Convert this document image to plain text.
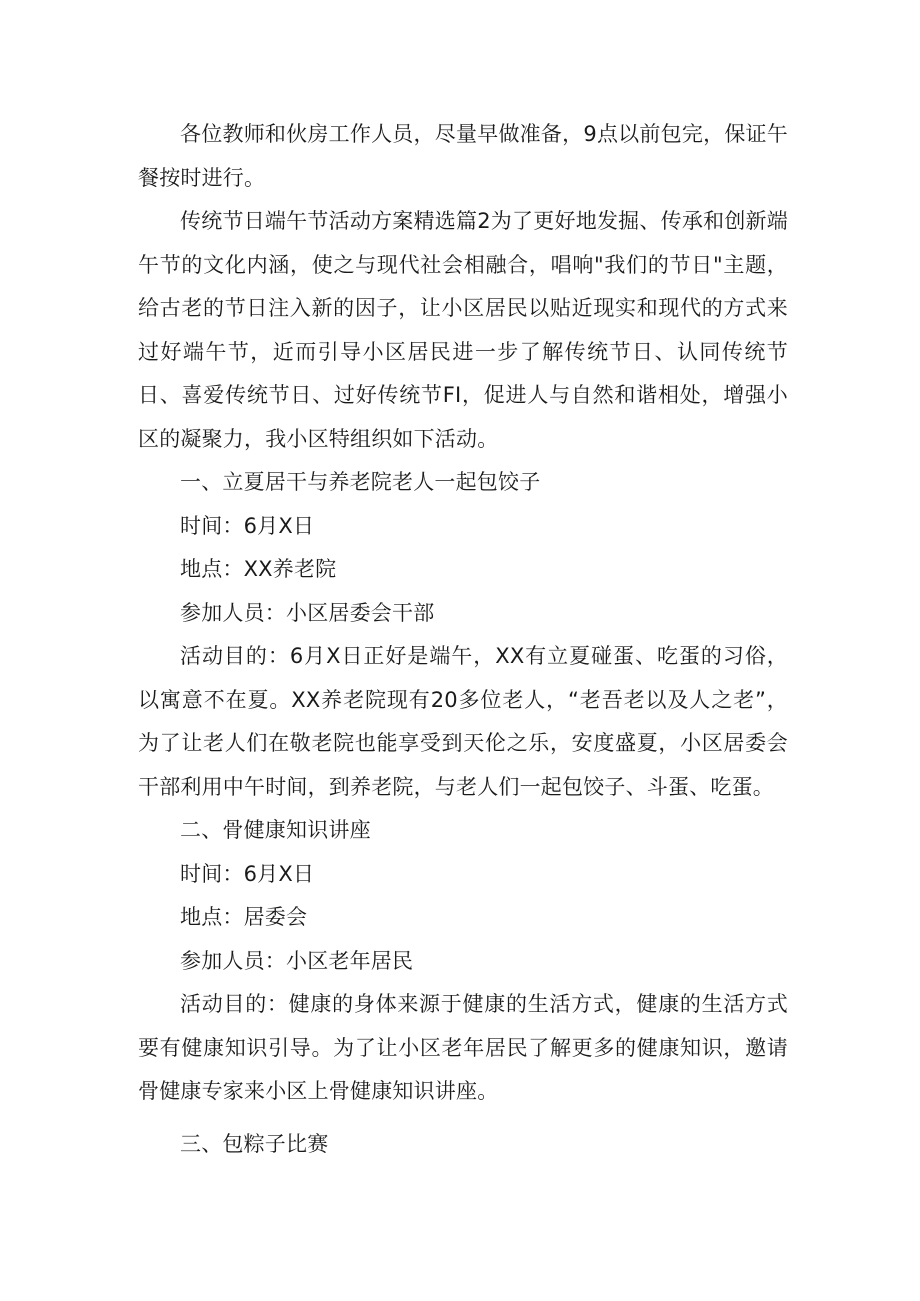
各位教师和伙房工作人员，尽量早做准备，9点以前包完，保证午餐按时进行。

传统节日端午节活动方案精选篇2为了更好地发掘、传承和创新端午节的文化内涵，使之与现代社会相融合，唱响"我们的节日"主题，给古老的节日注入新的因子，让小区居民以贴近现实和现代的方式来过好端午节，近而引导小区居民进一步了解传统节日、认同传统节日、喜爱传统节日、过好传统节FI，促进人与自然和谐相处，增强小区的凝聚力，我小区特组织如下活动。

一、立夏居干与养老院老人一起包饺子

时间：6月X日

地点：XX养老院

参加人员：小区居委会干部

活动目的：6月X日正好是端午，XX有立夏碰蛋、吃蛋的习俗，以寓意不在夏。XX养老院现有20多位老人，“老吾老以及人之老”，为了让老人们在敬老院也能享受到天伦之乐，安度盛夏，小区居委会干部利用中午时间，到养老院，与老人们一起包饺子、斗蛋、吃蛋。

二、骨健康知识讲座

时间：6月X日

地点：居委会

参加人员：小区老年居民

活动目的：健康的身体来源于健康的生活方式，健康的生活方式要有健康知识引导。为了让小区老年居民了解更多的健康知识，邀请骨健康专家来小区上骨健康知识讲座。

三、包粽子比赛
